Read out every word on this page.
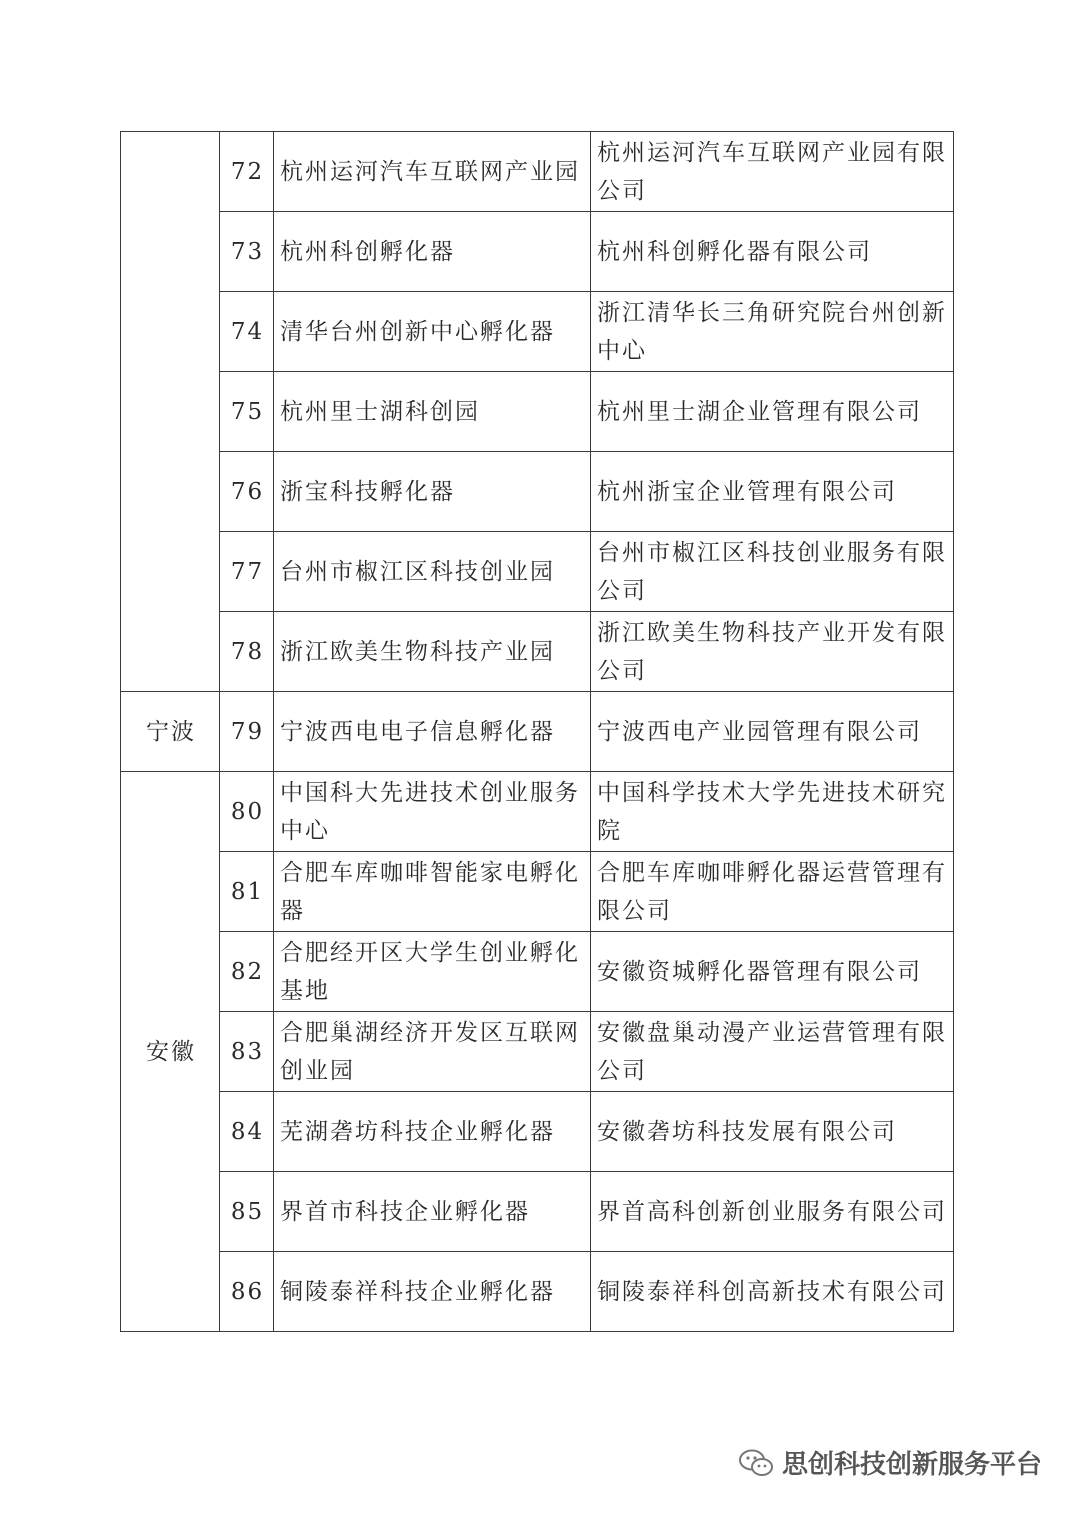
	72	杭州运河汽车互联网产业园	杭州运河汽车互联网产业园有限公司
	73	杭州科创孵化器	杭州科创孵化器有限公司
	74	清华台州创新中心孵化器	浙江清华长三角研究院台州创新中心
	75	杭州里士湖科创园	杭州里士湖企业管理有限公司
	76	浙宝科技孵化器	杭州浙宝企业管理有限公司
	77	台州市椒江区科技创业园	台州市椒江区科技创业服务有限公司
	78	浙江欧美生物科技产业园	浙江欧美生物科技产业开发有限公司
宁波	79	宁波西电电子信息孵化器	宁波西电产业园管理有限公司
安徽	80	中国科大先进技术创业服务中心	中国科学技术大学先进技术研究院
	81	合肥车库咖啡智能家电孵化器	合肥车库咖啡孵化器运营管理有限公司
	82	合肥经开区大学生创业孵化基地	安徽资城孵化器管理有限公司
	83	合肥巢湖经济开发区互联网创业园	安徽盘巢动漫产业运营管理有限公司
	84	芜湖砻坊科技企业孵化器	安徽砻坊科技发展有限公司
	85	界首市科技企业孵化器	界首高科创新创业服务有限公司
	86	铜陵泰祥科技企业孵化器	铜陵泰祥科创高新技术有限公司
思创科技创新服务平台
